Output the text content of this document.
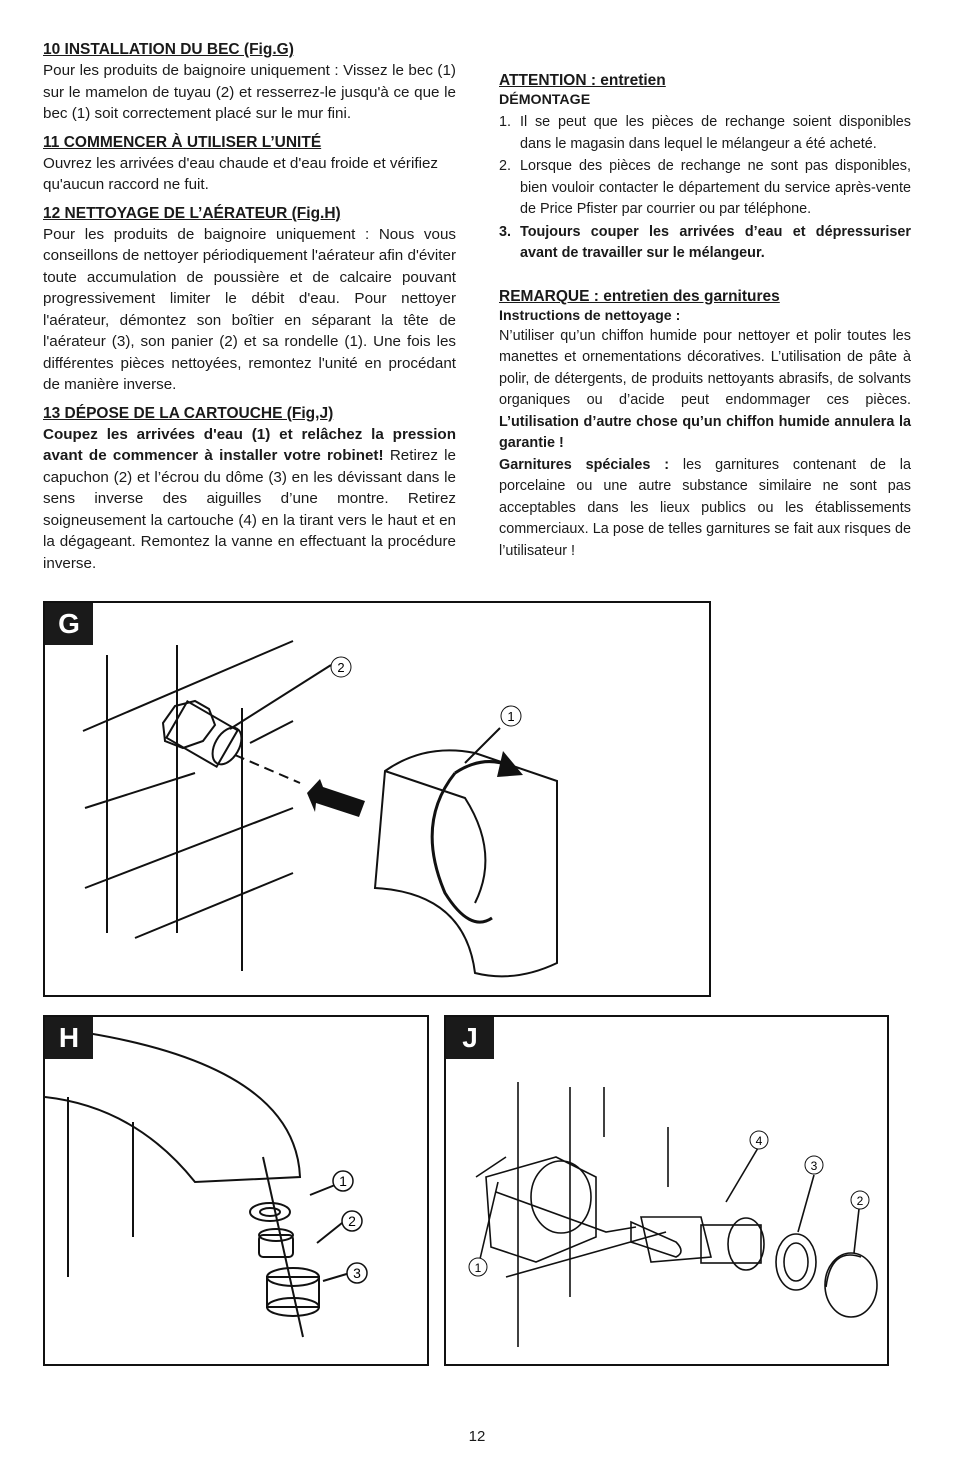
10 INSTALLATION DU BEC (Fig.G)

Pour les produits de baignoire uniquement : Vissez le bec (1) sur le mamelon de tuyau (2) et resserrez-le jusqu'à ce que le bec (1) soit correctement placé sur le mur fini.

11 COMMENCER À UTILISER L’UNITÉ

Ouvrez les arrivées d'eau chaude et d'eau froide et vérifiez qu'aucun raccord ne fuit.

12 NETTOYAGE DE L’AÉRATEUR (Fig.H)

Pour les produits de baignoire uniquement : Nous vous conseillons de nettoyer périodiquement l'aérateur afin d'éviter toute accumulation de poussière et de calcaire pouvant progressivement limiter le débit d'eau. Pour nettoyer l'aérateur, démontez son boîtier en séparant la tête de l'aérateur (3), son panier (2) et sa rondelle (1). Une fois les différentes pièces nettoyées, remontez l'unité en procédant de manière inverse.

13 DÉPOSE DE LA CARTOUCHE (Fig,J)

Coupez les arrivées d'eau (1) et relâchez la pression avant de commencer à installer votre robinet! Retirez le capuchon (2) et l’écrou du dôme (3) en les dévissant dans le sens inverse des aiguilles d’une montre. Retirez soigneusement la cartouche (4) en la tirant vers le haut et en la dégageant. Remontez la vanne en effectuant la procédure inverse.

ATTENTION : entretien

DÉMONTAGE

1. Il se peut que les pièces de rechange soient disponibles dans le magasin dans lequel le mélangeur a été acheté.
2. Lorsque des pièces de rechange ne sont pas disponibles, bien vouloir contacter le département du service après-vente de Price Pfister par courrier ou par téléphone.
3. Toujours couper les arrivées d’eau et dépressuriser avant de travailler sur le mélangeur.

REMARQUE : entretien des garnitures

Instructions de nettoyage :

N’utiliser qu’un chiffon humide pour nettoyer et polir toutes les manettes et ornementations décoratives. L’utilisation de pâte à polir, de détergents, de produits nettoyants abrasifs, de solvants organiques ou d’acide peut endommager ces pièces. L’utilisation d’autre chose qu’un chiffon humide annulera la garantie !

Garnitures spéciales : les garnitures contenant de la porcelaine ou une autre substance similaire ne sont pas acceptables dans les lieux publics ou les établissements commerciaux. La pose de telles garnitures se fait aux risques de l’utilisateur !

2
1
G
1
2
3
H
4
3
2
1
J
12
